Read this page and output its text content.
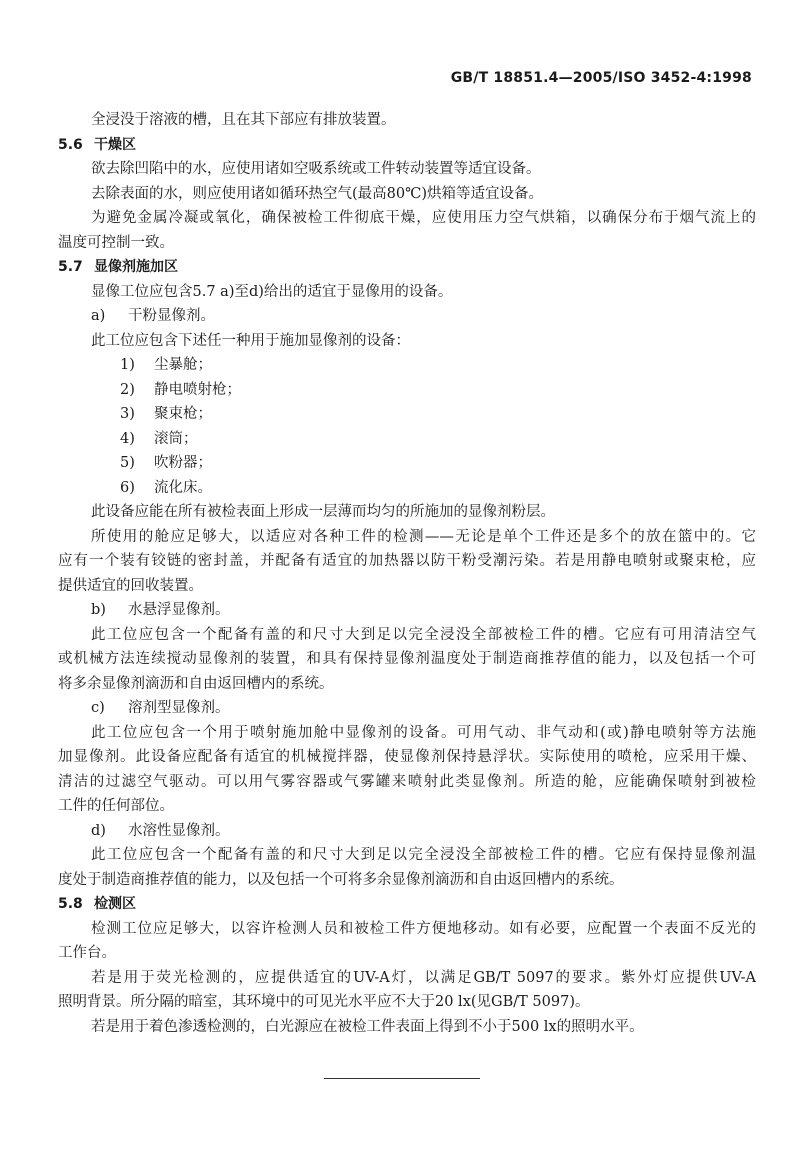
GB/T 18851.4—2005/ISO 3452-4:1998
全浸没于溶液的槽，且在其下部应有排放装置。
5.6 干燥区
欲去除凹陷中的水，应使用诸如空吸系统或工件转动装置等适宜设备。
去除表面的水，则应使用诸如循环热空气(最高80℃)烘箱等适宜设备。
为避免金属冷凝或氧化，确保被检工件彻底干燥，应使用压力空气烘箱，以确保分布于烟气流上的
温度可控制一致。
5.7 显像剂施加区
显像工位应包含5.7 a)至d)给出的适宜于显像用的设备。
a) 干粉显像剂。
此工位应包含下述任一种用于施加显像剂的设备：
1) 尘暴舱；
2) 静电喷射枪；
3) 聚束枪；
4) 滚筒；
5) 吹粉器；
6) 流化床。
此设备应能在所有被检表面上形成一层薄而均匀的所施加的显像剂粉层。
所使用的舱应足够大，以适应对各种工件的检测——无论是单个工件还是多个的放在篮中的。它
应有一个装有铰链的密封盖，并配备有适宜的加热器以防干粉受潮污染。若是用静电喷射或聚束枪，应
提供适宜的回收装置。
b) 水悬浮显像剂。
此工位应包含一个配备有盖的和尺寸大到足以完全浸没全部被检工件的槽。它应有可用清洁空气
或机械方法连续搅动显像剂的装置，和具有保持显像剂温度处于制造商推荐值的能力，以及包括一个可
将多余显像剂滴沥和自由返回槽内的系统。
c) 溶剂型显像剂。
此工位应包含一个用于喷射施加舱中显像剂的设备。可用气动、非气动和(或)静电喷射等方法施
加显像剂。此设备应配备有适宜的机械搅拌器，使显像剂保持悬浮状。实际使用的喷枪，应采用干燥、
清洁的过滤空气驱动。可以用气雾容器或气雾罐来喷射此类显像剂。所造的舱，应能确保喷射到被检
工件的任何部位。
d) 水溶性显像剂。
此工位应包含一个配备有盖的和尺寸大到足以完全浸没全部被检工件的槽。它应有保持显像剂温
度处于制造商推荐值的能力，以及包括一个可将多余显像剂滴沥和自由返回槽内的系统。
5.8 检测区
检测工位应足够大，以容许检测人员和被检工件方便地移动。如有必要，应配置一个表面不反光的
工作台。
若是用于荧光检测的，应提供适宜的UV-A灯，以满足GB/T 5097的要求。紫外灯应提供UV-A
照明背景。所分隔的暗室，其环境中的可见光水平应不大于20 lx(见GB/T 5097)。
若是用于着色渗透检测的，白光源应在被检工件表面上得到不小于500 lx的照明水平。
